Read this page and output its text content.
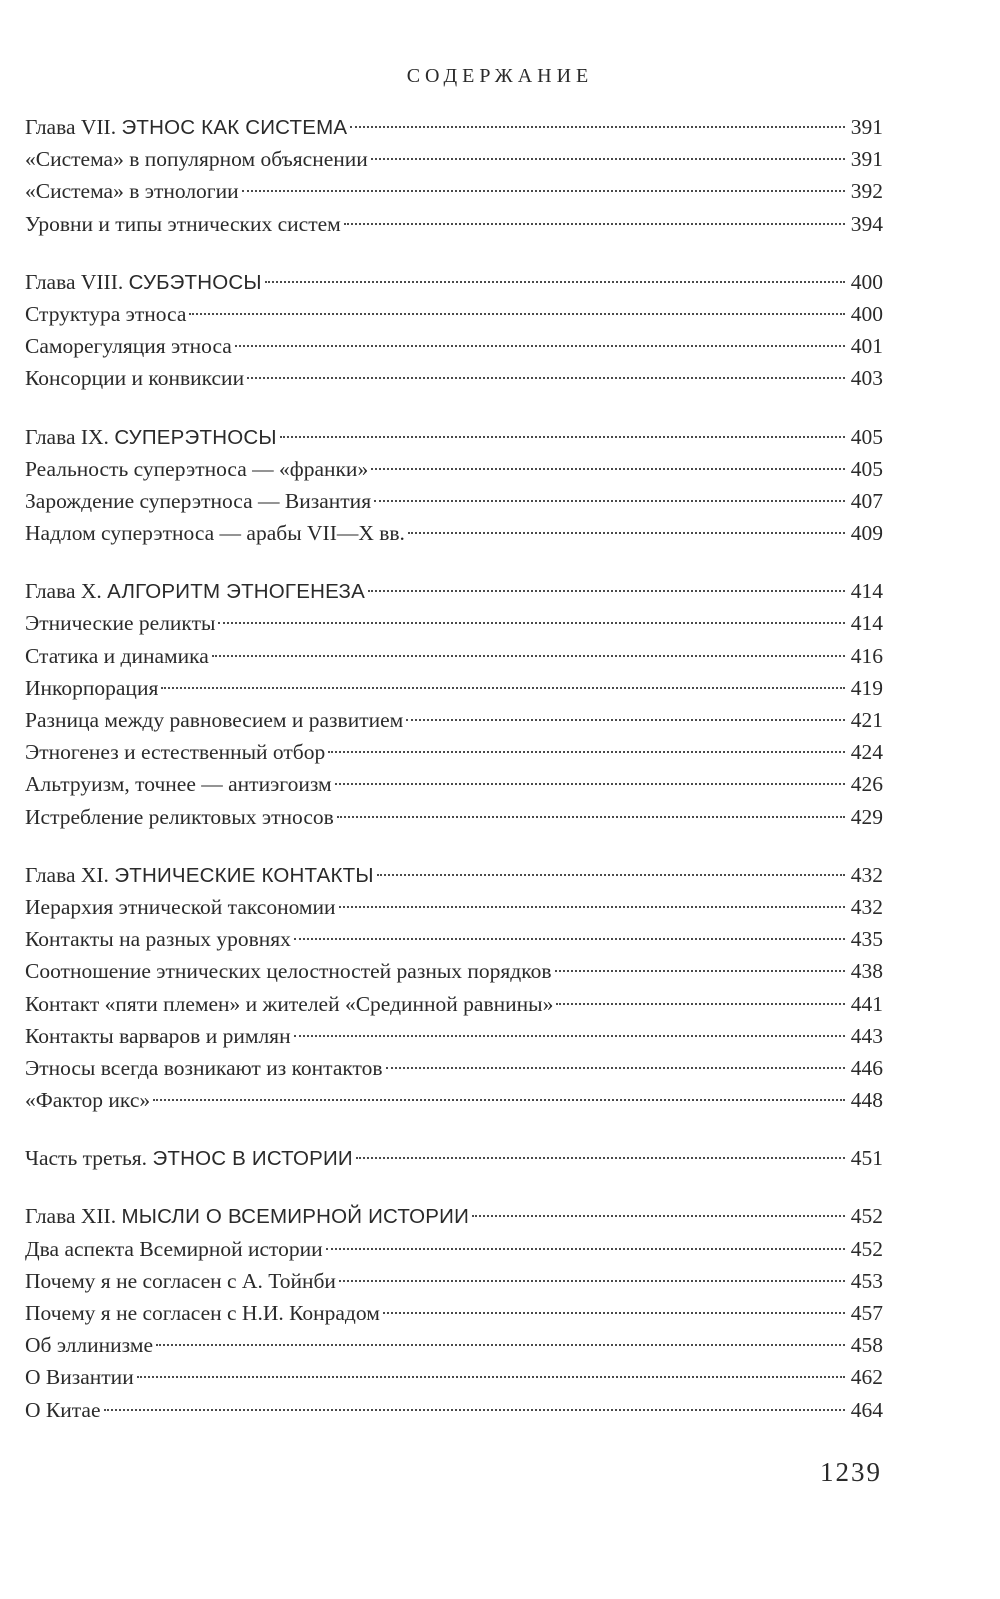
СОДЕРЖАНИЕ
Глава VII. ЭТНОС КАК СИСТЕМА	391
«Система» в популярном объяснении	391
«Система» в этнологии	392
Уровни и типы этнических систем	394
Глава VIII. СУБЭТНОСЫ	400
Структура этноса	400
Саморегуляция этноса	401
Консорции и конвиксии	403
Глава IX. СУПЕРЭТНОСЫ	405
Реальность суперэтноса — «франки»	405
Зарождение суперэтноса — Византия	407
Надлом суперэтноса — арабы VII—X вв.	409
Глава X. АЛГОРИТМ ЭТНОГЕНЕЗА	414
Этнические реликты	414
Статика и динамика	416
Инкорпорация	419
Разница между равновесием и развитием	421
Этногенез и естественный отбор	424
Альтруизм, точнее — антиэгоизм	426
Истребление реликтовых этносов	429
Глава XI. ЭТНИЧЕСКИЕ КОНТАКТЫ	432
Иерархия этнической таксономии	432
Контакты на разных уровнях	435
Соотношение этнических целостностей разных порядков	438
Контакт «пяти племен» и жителей «Срединной равнины»	441
Контакты варваров и римлян	443
Этносы всегда возникают из контактов	446
«Фактор икс»	448
Часть третья. ЭТНОС В ИСТОРИИ	451
Глава XII. МЫСЛИ О ВСЕМИРНОЙ ИСТОРИИ	452
Два аспекта Всемирной истории	452
Почему я не согласен с А. Тойнби	453
Почему я не согласен с Н.И. Конрадом	457
Об эллинизме	458
О Византии	462
О Китае	464
1239
